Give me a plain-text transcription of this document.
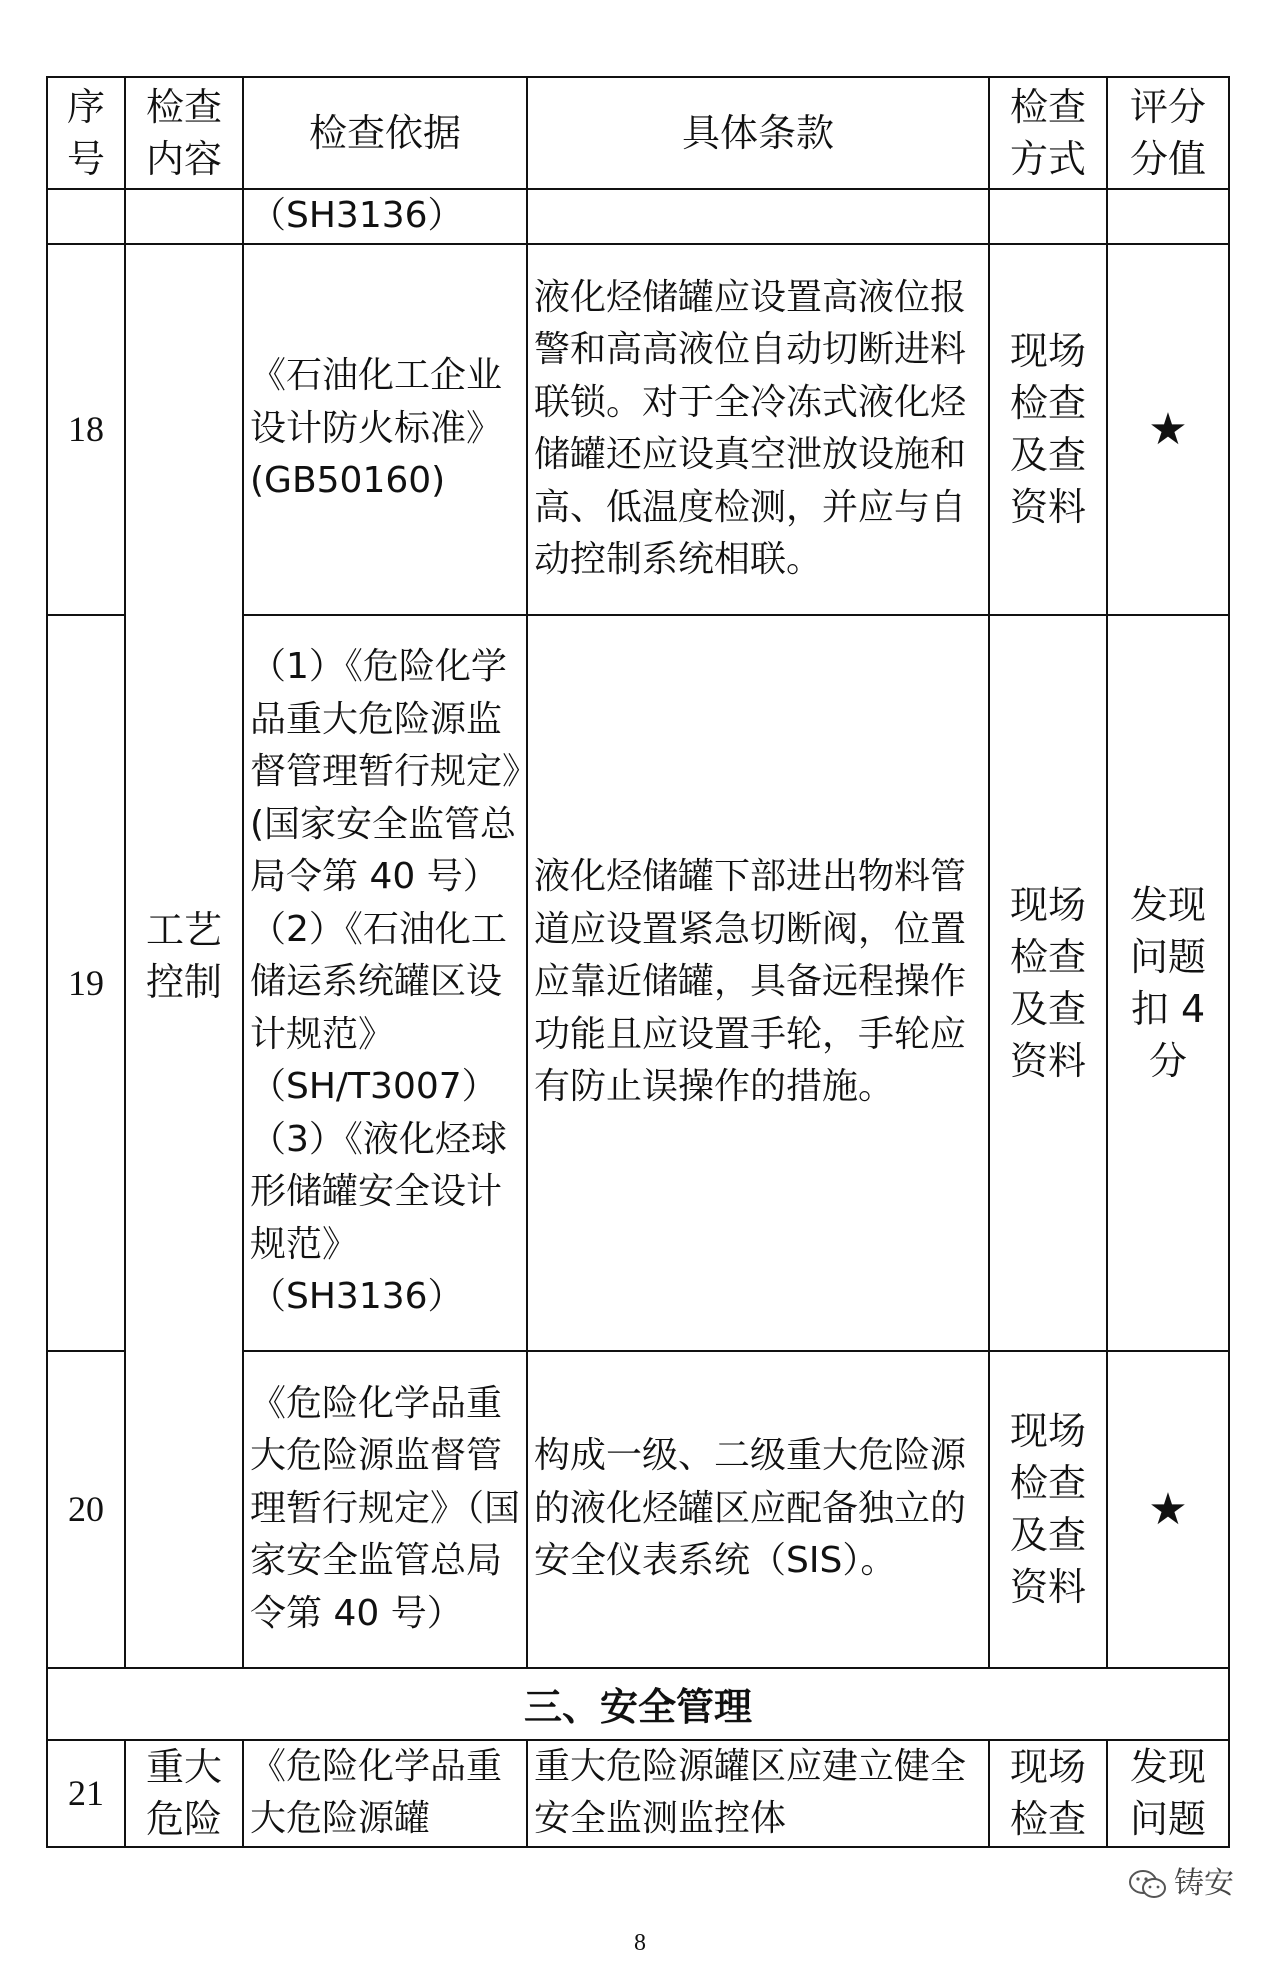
序号	检查内容	检查依据	具体条款	检查方式	评分分值
		（SH3136）			
18	工艺控制	《石油化工企业设计防火标准》(GB50160)	液化烃储罐应设置高液位报警和高高液位自动切断进料联锁。对于全冷冻式液化烃储罐还应设真空泄放设施和高、低温度检测，并应与自动控制系统相联。	现场检查及查资料	★
19		（1）《危险化学品重大危险源监督管理暂行规定》(国家安全监管总局令第 40 号）（2）《石油化工储运系统罐区设计规范》（SH/T3007）（3）《液化烃球形储罐安全设计规范》（SH3136）	液化烃储罐下部进出物料管道应设置紧急切断阀，位置应靠近储罐，具备远程操作功能且应设置手轮，手轮应有防止误操作的措施。	现场检查及查资料	发现问题扣 4 分
20		《危险化学品重大危险源监督管理暂行规定》（国家安全监管总局令第 40 号）	构成一级、二级重大危险源的液化烃罐区应配备独立的安全仪表系统（SIS）。	现场检查及查资料	★
三、安全管理					
21	重大危险	《危险化学品重大危险源罐	重大危险源罐区应建立健全安全监测监控体	现场检查	发现问题
铸安
8
